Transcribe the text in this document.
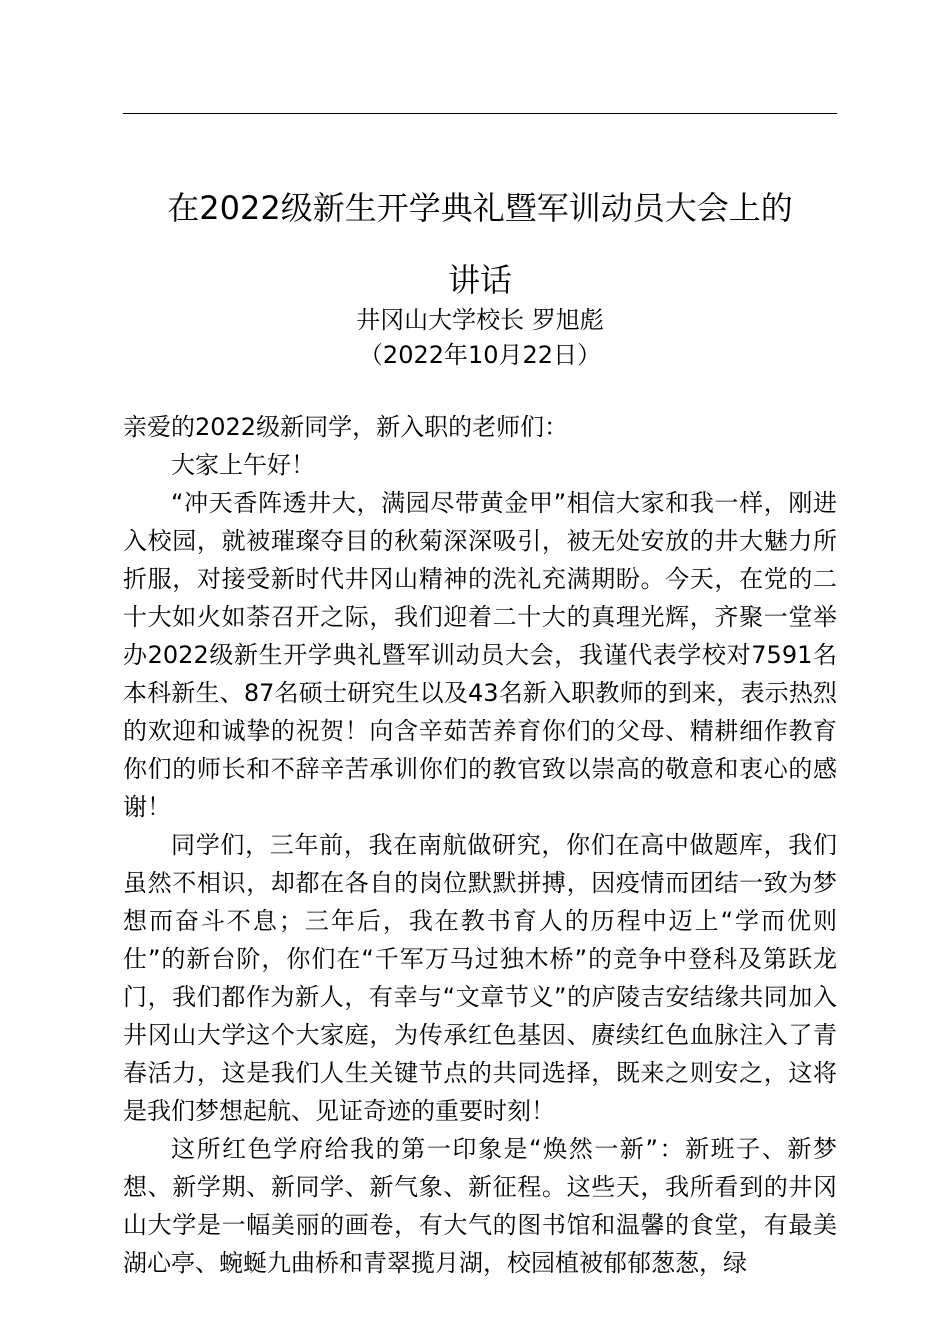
在2022级新生开学典礼暨军训动员大会上的
讲话

井冈山大学校长 罗旭彪

（2022年10月22日）

亲爱的2022级新同学，新入职的老师们：

大家上午好！

“冲天香阵透井大，满园尽带黄金甲”相信大家和我一样，刚进入校园，就被璀璨夺目的秋菊深深吸引，被无处安放的井大魅力所折服，对接受新时代井冈山精神的洗礼充满期盼。今天，在党的二十大如火如荼召开之际，我们迎着二十大的真理光辉，齐聚一堂举办2022级新生开学典礼暨军训动员大会，我谨代表学校对7591名本科新生、87名硕士研究生以及43名新入职教师的到来，表示热烈的欢迎和诚挚的祝贺！向含辛茹苦养育你们的父母、精耕细作教育你们的师长和不辞辛苦承训你们的教官致以崇高的敬意和衷心的感谢！

同学们，三年前，我在南航做研究，你们在高中做题库，我们虽然不相识，却都在各自的岗位默默拼搏，因疫情而团结一致为梦想而奋斗不息；三年后，我在教书育人的历程中迈上“学而优则仕”的新台阶，你们在“千军万马过独木桥”的竞争中登科及第跃龙门，我们都作为新人，有幸与“文章节义”的庐陵吉安结缘共同加入井冈山大学这个大家庭，为传承红色基因、赓续红色血脉注入了青春活力，这是我们人生关键节点的共同选择，既来之则安之，这将是我们梦想起航、见证奇迹的重要时刻！

这所红色学府给我的第一印象是“焕然一新”：新班子、新梦想、新学期、新同学、新气象、新征程。这些天，我所看到的井冈山大学是一幅美丽的画卷，有大气的图书馆和温馨的食堂，有最美湖心亭、蜿蜒九曲桥和青翠揽月湖，校园植被郁郁葱葱，绿
